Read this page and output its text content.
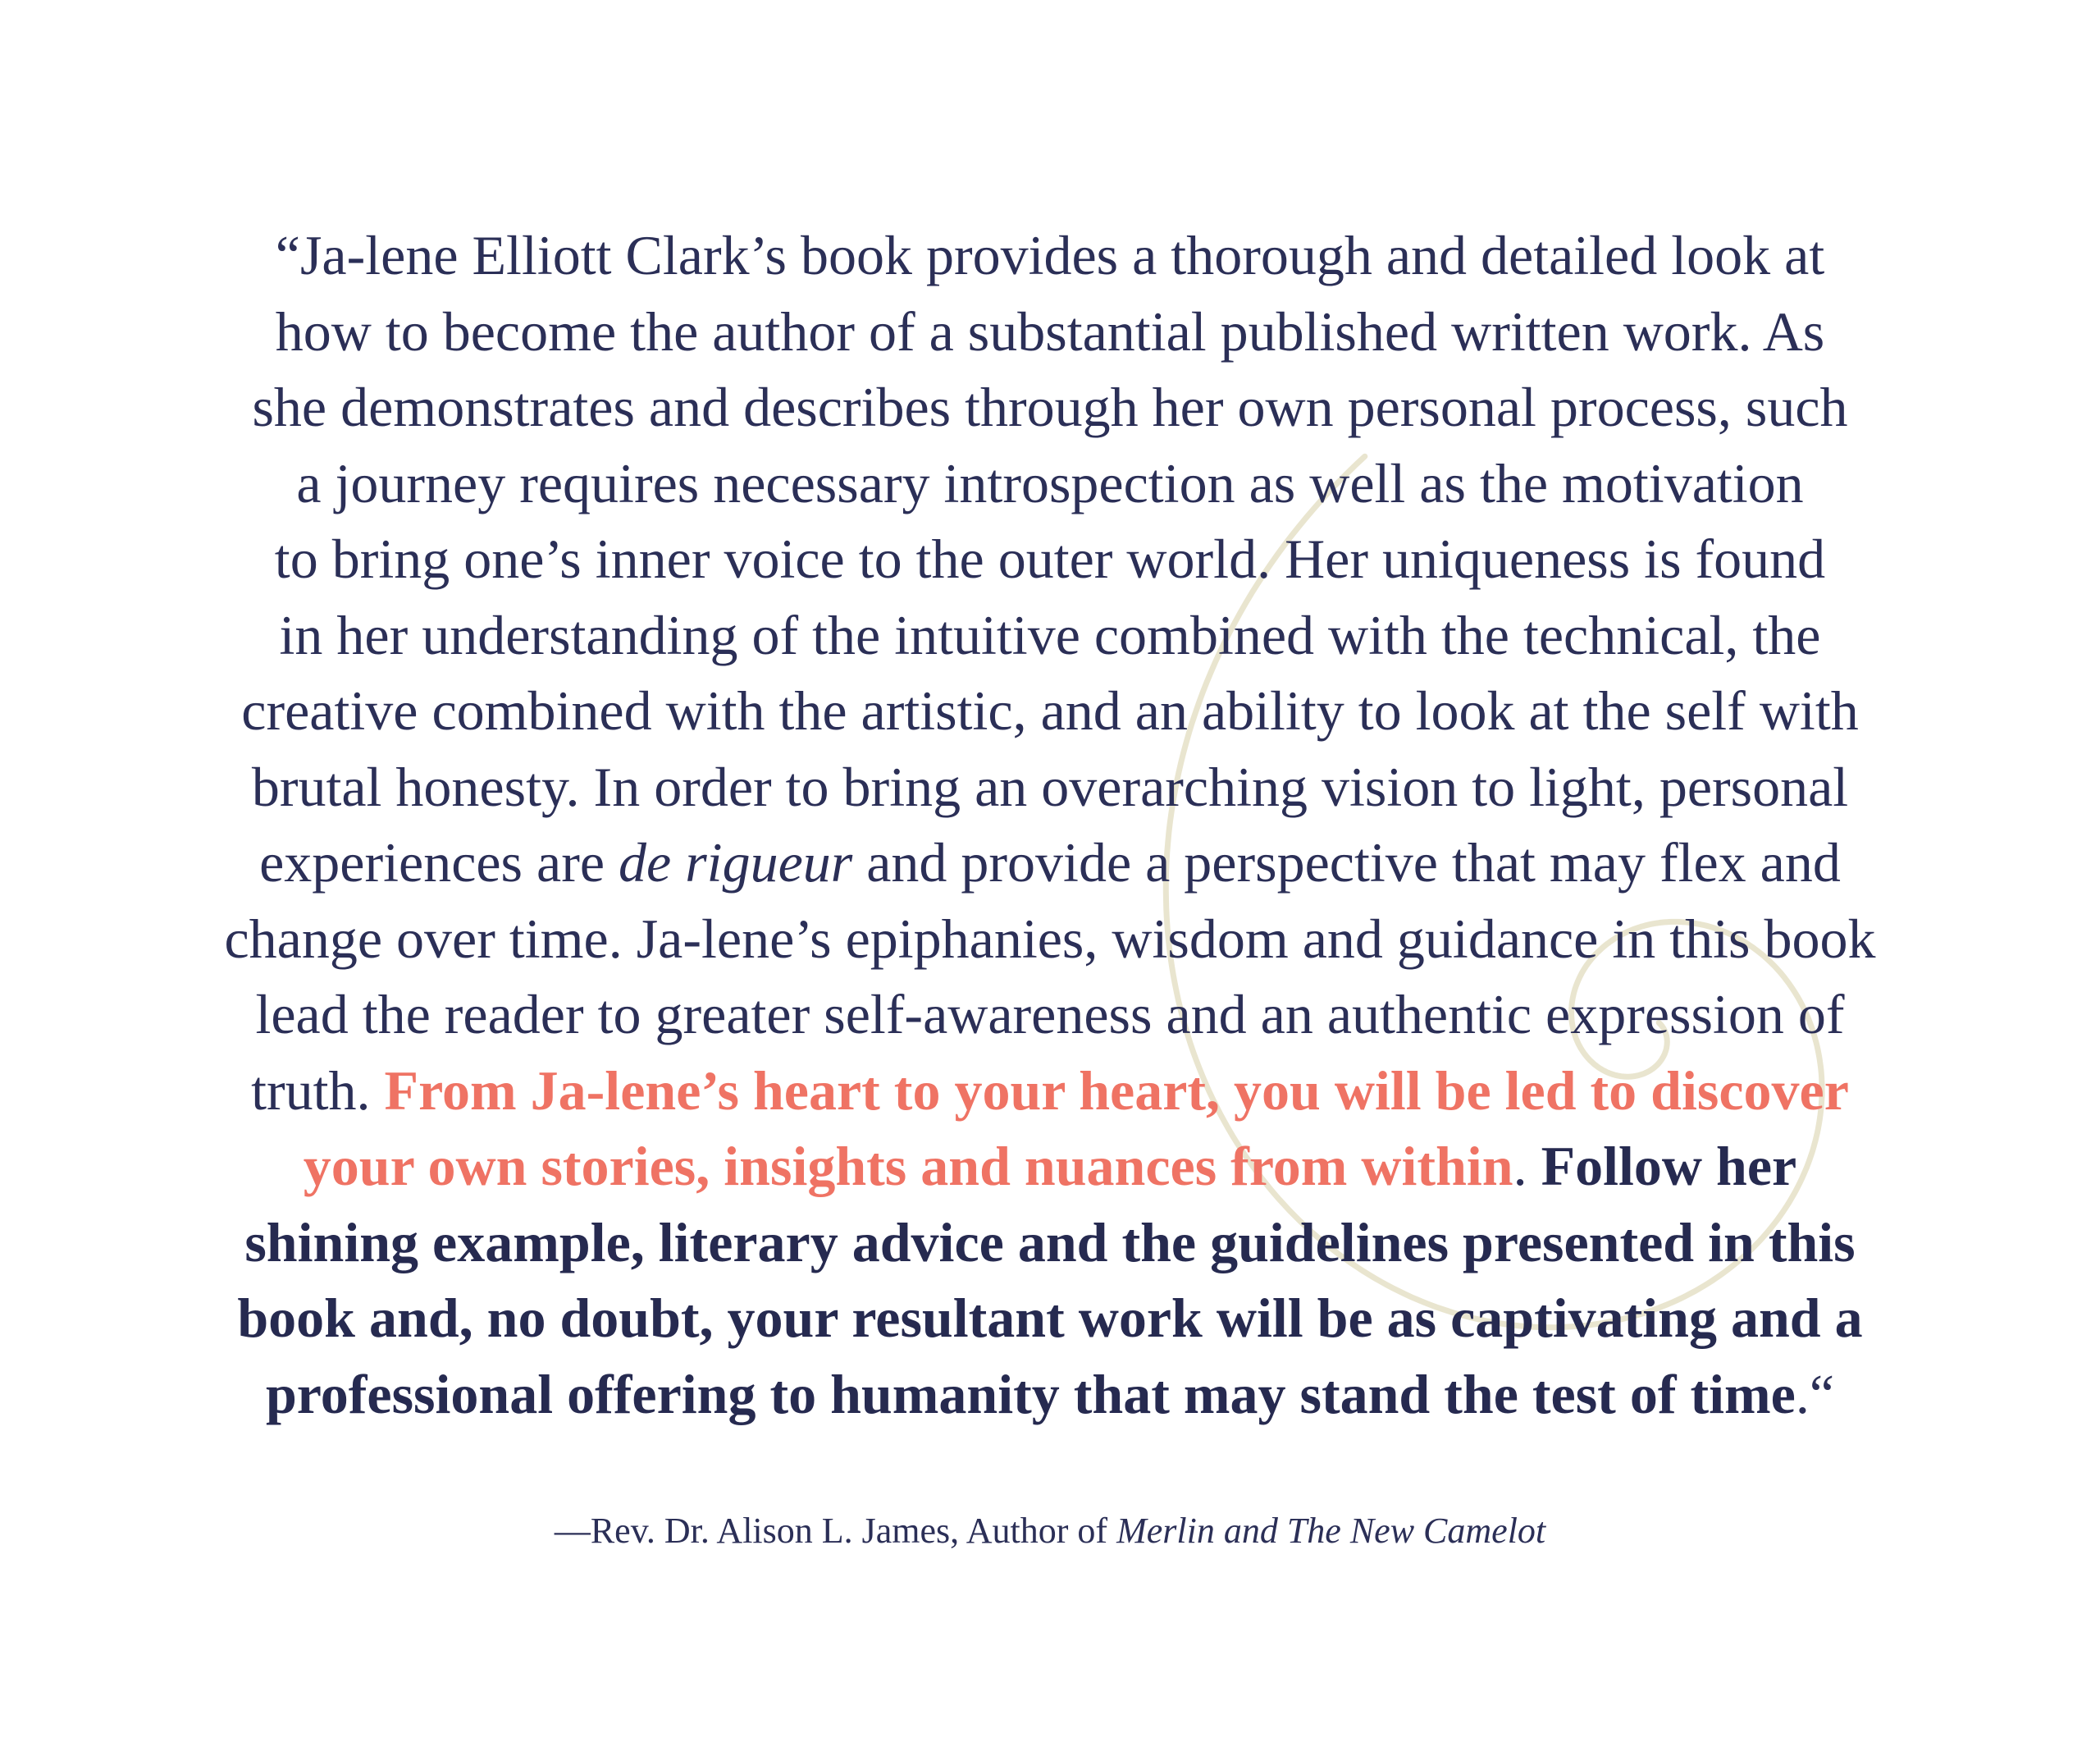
“Ja-lene Elliott Clark’s book provides a thorough and detailed look at
how to become the author of a substantial published written work. As
she demonstrates and describes through her own personal process, such
a journey requires necessary introspection as well as the motivation
to bring one’s inner voice to the outer world. Her uniqueness is found
in her understanding of the intuitive combined with the technical, the
creative combined with the artistic, and an ability to look at the self with
brutal honesty. In order to bring an overarching vision to light, personal
experiences are de rigueur and provide a perspective that may flex and
change over time. Ja-lene’s epiphanies, wisdom and guidance in this book
lead the reader to greater self-awareness and an authentic expression of
truth. From Ja-lene’s heart to your heart, you will be led to discover
your own stories, insights and nuances from within. Follow her
shining example, literary advice and the guidelines presented in this
book and, no doubt, your resultant work will be as captivating and a
professional offering to humanity that may stand the test of time.“
—Rev. Dr. Alison L. James, Author of Merlin and The New Camelot
